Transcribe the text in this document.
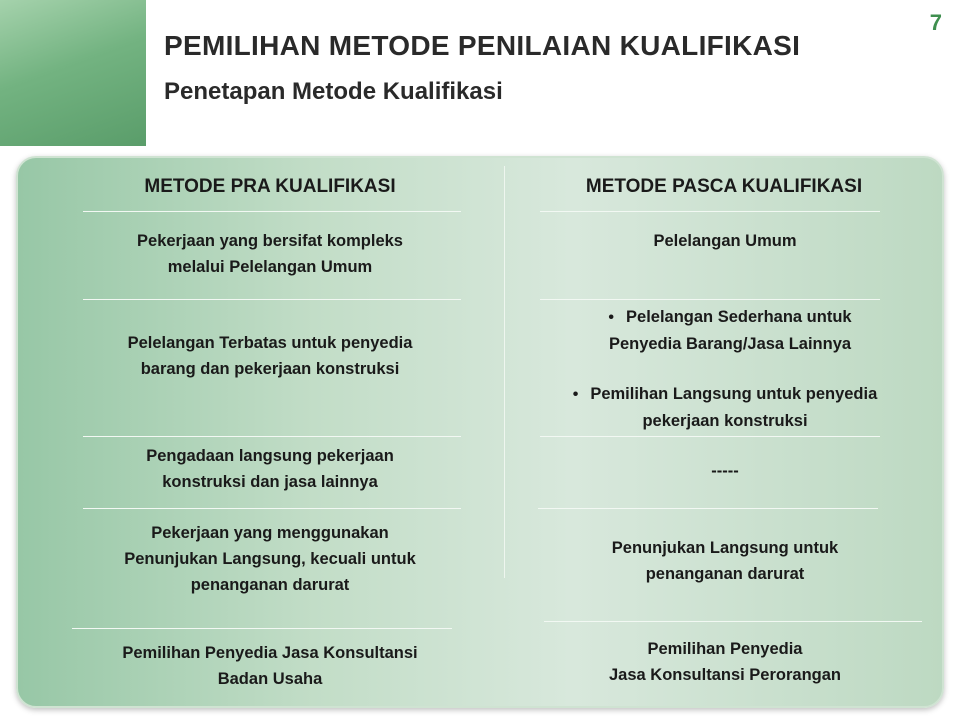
7
PEMILIHAN METODE PENILAIAN KUALIFIKASI
Penetapan Metode Kualifikasi
METODE PRA KUALIFIKASI
Pekerjaan yang bersifat kompleks
melalui Pelelangan Umum
Pelelangan Terbatas untuk penyedia
barang dan pekerjaan konstruksi
Pengadaan langsung pekerjaan
konstruksi dan jasa lainnya
Pekerjaan yang menggunakan
Penunjukan Langsung, kecuali untuk
penanganan darurat
Pemilihan Penyedia Jasa Konsultansi
Badan Usaha
METODE PASCA KUALIFIKASI
Pelelangan Umum
• Pelelangan Sederhana untuk
Penyedia Barang/Jasa Lainnya
• Pemilihan Langsung untuk penyedia
pekerjaan konstruksi
-----
Penunjukan Langsung untuk
penanganan darurat
Pemilihan Penyedia
Jasa Konsultansi Perorangan
